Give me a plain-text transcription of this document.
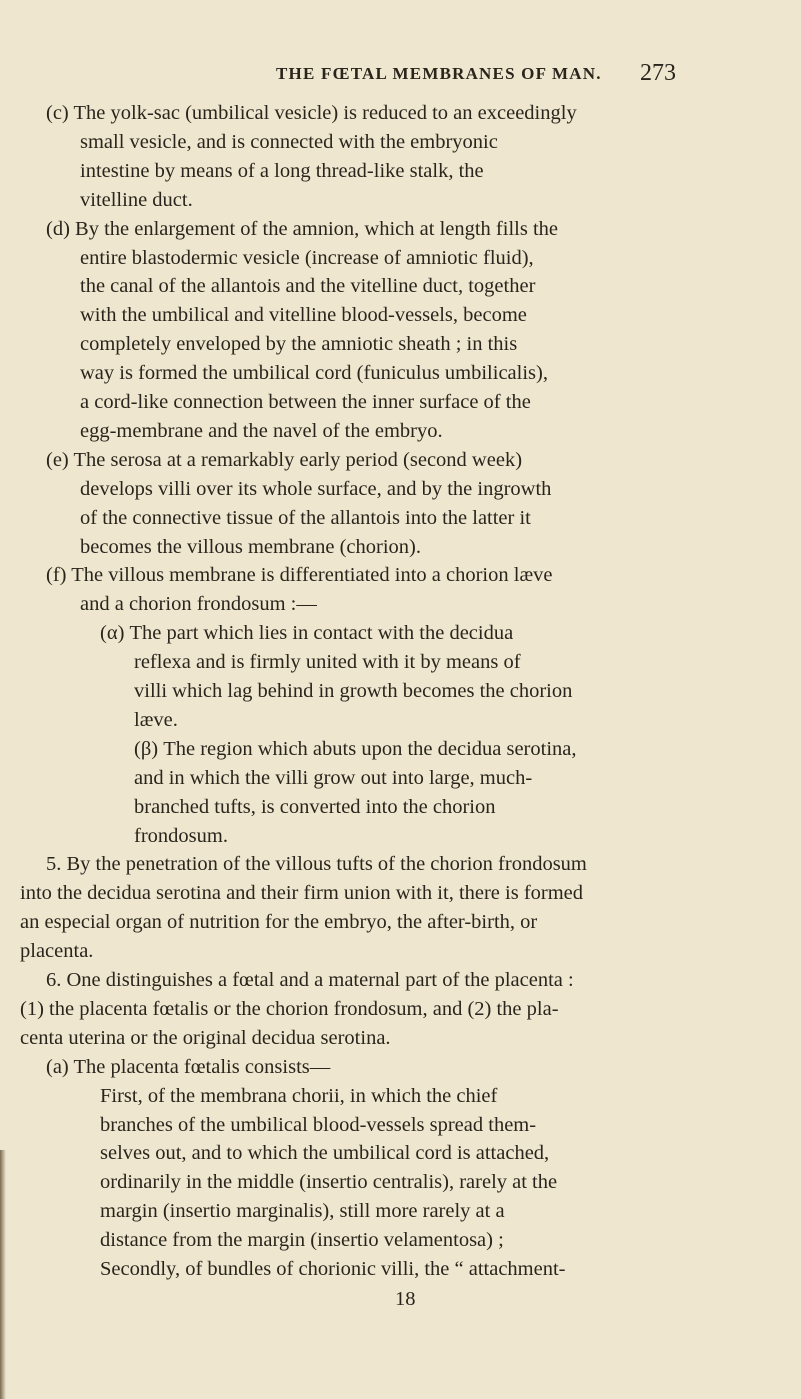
THE FŒTAL MEMBRANES OF MAN. 273
(c) The yolk-sac (umbilical vesicle) is reduced to an exceedingly
small vesicle, and is connected with the embryonic
intestine by means of a long thread-like stalk, the
vitelline duct.
(d) By the enlargement of the amnion, which at length fills the
entire blastodermic vesicle (increase of amniotic fluid),
the canal of the allantois and the vitelline duct, together
with the umbilical and vitelline blood-vessels, become
completely enveloped by the amniotic sheath ; in this
way is formed the umbilical cord (funiculus umbilicalis),
a cord-like connection between the inner surface of the
egg-membrane and the navel of the embryo.
(e) The serosa at a remarkably early period (second week)
develops villi over its whole surface, and by the ingrowth
of the connective tissue of the allantois into the latter it
becomes the villous membrane (chorion).
(f) The villous membrane is differentiated into a chorion læve
and a chorion frondosum :—
(α) The part which lies in contact with the decidua
reflexa and is firmly united with it by means of
villi which lag behind in growth becomes the chorion
læve.
(β) The region which abuts upon the decidua serotina,
and in which the villi grow out into large, much-
branched tufts, is converted into the chorion
frondosum.
5. By the penetration of the villous tufts of the chorion frondosum
into the decidua serotina and their firm union with it, there is formed
an especial organ of nutrition for the embryo, the after-birth, or
placenta.
6. One distinguishes a fœtal and a maternal part of the placenta :
(1) the placenta fœtalis or the chorion frondosum, and (2) the pla-
centa uterina or the original decidua serotina.
(a) The placenta fœtalis consists—
First, of the membrana chorii, in which the chief
branches of the umbilical blood-vessels spread them-
selves out, and to which the umbilical cord is attached,
ordinarily in the middle (insertio centralis), rarely at the
margin (insertio marginalis), still more rarely at a
distance from the margin (insertio velamentosa) ;
Secondly, of bundles of chorionic villi, the “ attachment-
18
